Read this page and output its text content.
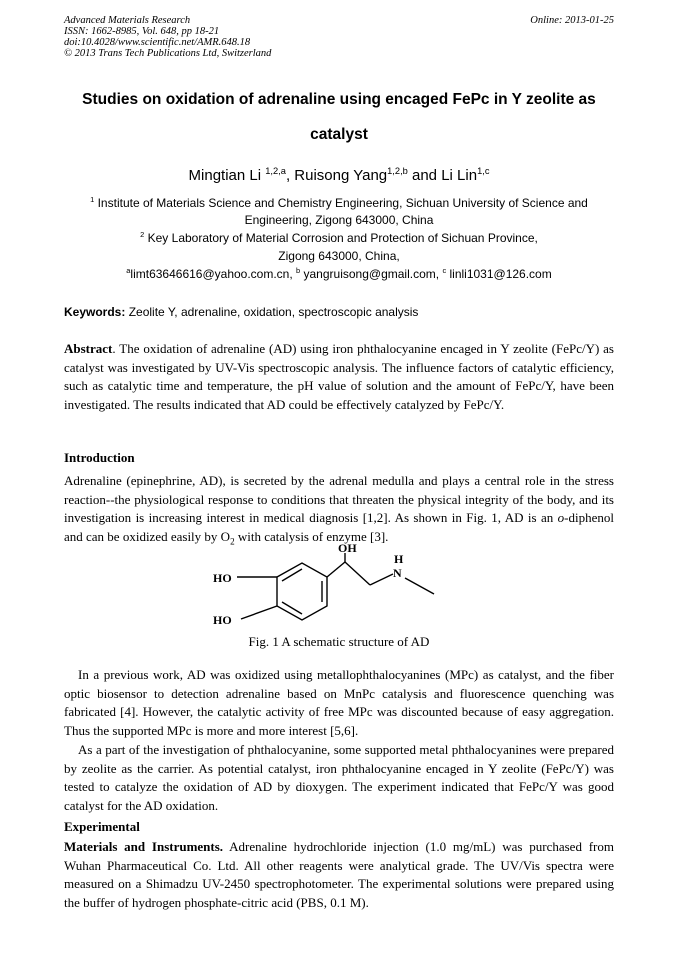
Advanced Materials Research
ISSN: 1662-8985, Vol. 648, pp 18-21
doi:10.4028/www.scientific.net/AMR.648.18
© 2013 Trans Tech Publications Ltd, Switzerland
Online: 2013-01-25
Studies on oxidation of adrenaline using encaged FePc in Y zeolite as
catalyst
Mingtian Li $^{1,2,a}$, Ruisong Yang$^{1,2,b}$ and Li Lin$^{1,c}$
$^1$ Institute of Materials Science and Chemistry Engineering, Sichuan University of Science and
Engineering, Zigong 643000, China
$^2$ Key Laboratory of Material Corrosion and Protection of Sichuan Province,
Zigong 643000, China,
$^a$limt63646616@yahoo.com.cn, $^b$ yangruisong@gmail.com, $^c$ linli1031@126.com
Keywords: Zeolite Y, adrenaline, oxidation, spectroscopic analysis
Abstract. The oxidation of adrenaline (AD) using iron phthalocyanine encaged in Y zeolite (FePc/Y) as catalyst was investigated by UV-Vis spectroscopic analysis. The influence factors of catalytic efficiency, such as catalytic time and temperature, the pH value of solution and the amount of FePc/Y, have been investigated. The results indicated that AD could be effectively catalyzed by FePc/Y.
Introduction
Adrenaline (epinephrine, AD), is secreted by the adrenal medulla and plays a central role in the stress reaction--the physiological response to conditions that threaten the physical integrity of the body, and its investigation is increasing interest in medical diagnosis [1,2]. As shown in Fig. 1, AD is an o-diphenol and can be oxidized easily by $O_2$ with catalysis of enzyme [3].
OH
H
N
HO
HO
Fig. 1 A schematic structure of AD
In a previous work, AD was oxidized using metallophthalocyanines (MPc) as catalyst, and the fiber optic biosensor to detection adrenaline based on MnPc catalysis and fluorescence quenching was fabricated [4]. However, the catalytic activity of free MPc was discounted because of easy aggregation. Thus the supported MPc is more and more interest [5,6].
As a part of the investigation of phthalocyanine, some supported metal phthalocyanines were prepared by zeolite as the carrier. As potential catalyst, iron phthalocyanine encaged in Y zeolite (FePc/Y) was tested to catalyze the oxidation of AD by dioxygen. The experiment indicated that FePc/Y was good catalyst for the AD oxidation.
Experimental
Materials and Instruments. Adrenaline hydrochloride injection (1.0 mg/mL) was purchased from Wuhan Pharmaceutical Co. Ltd. All other reagents were analytical grade. The UV/Vis spectra were measured on a Shimadzu UV-2450 spectrophotometer. The experimental solutions were prepared using the buffer of hydrogen phosphate-citric acid (PBS, 0.1 M).
